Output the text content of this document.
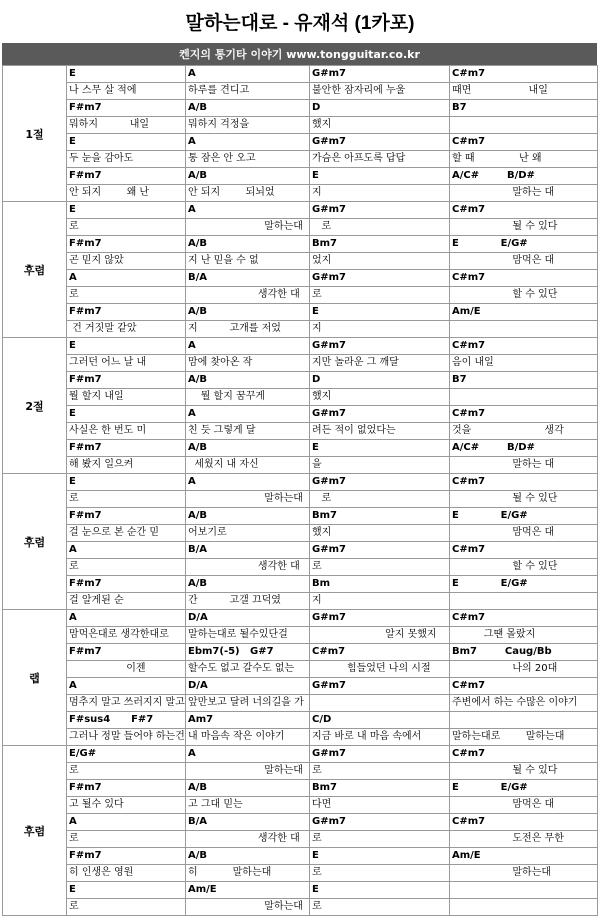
말하는대로 - 유재석 (1카포)
켄지의 통기타 이야기 www.tongguitar.co.kr
1절	E	A	G#m7	C#m7

	나 스무 살 적에	하루를 견디고	불안한 잠자리에 누울	때면                  내일

	F#m7	A/B	D	B7

	뭐하지          내일	뭐하지 걱정을	했지	

	E	A	G#m7	C#m7

	두 눈을 감아도	통 잠은 안 오고	가슴은 아프도록 답답	할 때              난 왜

	F#m7	A/B	E	A/C#        B/D#

	안 되지        왜 난	안 되지        되뇌었	지	말하는 대

후렴	E	A	G#m7	C#m7

	로	말하는대	로	될 수 있다

	F#m7	A/B	Bm7	E            E/G#

	곤 믿지 않았	지 난 믿을 수 없	었지	맘먹은 대

	A	B/A	G#m7	C#m7

	로	생각한 대	로	할 수 있단

	F#m7	A/B	E	Am/E

	건 거짓말 같았	지          고개를 저었	지	

2절	E	A	G#m7	C#m7

	그러던 어느 날 내	맘에 찾아온 작	지만 놀라운 그 깨달	음이 내일

	F#m7	A/B	D	B7

	뭘 할지 내일	뭘 할지 꿈꾸게	했지	

	E	A	G#m7	C#m7

	사실은 한 번도 미	친 듯 그렇게 달	려든 적이 없었다는	것을                       생각

	F#m7	A/B	E	A/C#        B/D#

	해 봤지 일으켜	세웠지 내 자신	을	말하는 대

후렴	E	A	G#m7	C#m7

	로	말하는대	로	될 수 있단

	F#m7	A/B	Bm7	E            E/G#

	걸 눈으로 본 순간 믿	어보기로	했지	맘먹은 대

	A	B/A	G#m7	C#m7

	로	생각한 대	로	할 수 있단

	F#m7	A/B	Bm	E            E/G#

	걸 알게된 순	간          고갤 끄덕였	지	

랩	A	D/A	G#m7	C#m7

	맘먹은대로 생각한대로	말하는대로 될수있단걸	알지 못했지	그땐 몰랐지

	F#m7	Ebm7(-5)   G#7	C#m7	Bm7        Caug/Bb

	이젠	할수도 없고 갈수도 없는	힘들었던 나의 시절	나의 20대

	A	D/A	G#m7	C#m7

	멈추지 말고 쓰러지지 말고	앞만보고 달려 너의길을 가		주변에서 하는 수많은 이야기

	F#sus4      F#7	Am7	C/D	

	그러나 정말 들어야 하는건	내 마음속 작은 이야기	지금 바로 내 마음 속에서	말하는대로        말하는대

후렴	E/G#	A	G#m7	C#m7

	로	말하는대	로	될 수 있다

	F#m7	A/B	Bm7	E            E/G#

	고 될수 있다	고 그대 믿는	다면	맘먹은 대

	A	B/A	G#m7	C#m7

	로	생각한 대	로	도전은 무한

	F#m7	A/B	E	Am/E

	히 인생은 영원	히           말하는대	로	말하는대

	E	Am/E	E	

	로	말하는대	로	
